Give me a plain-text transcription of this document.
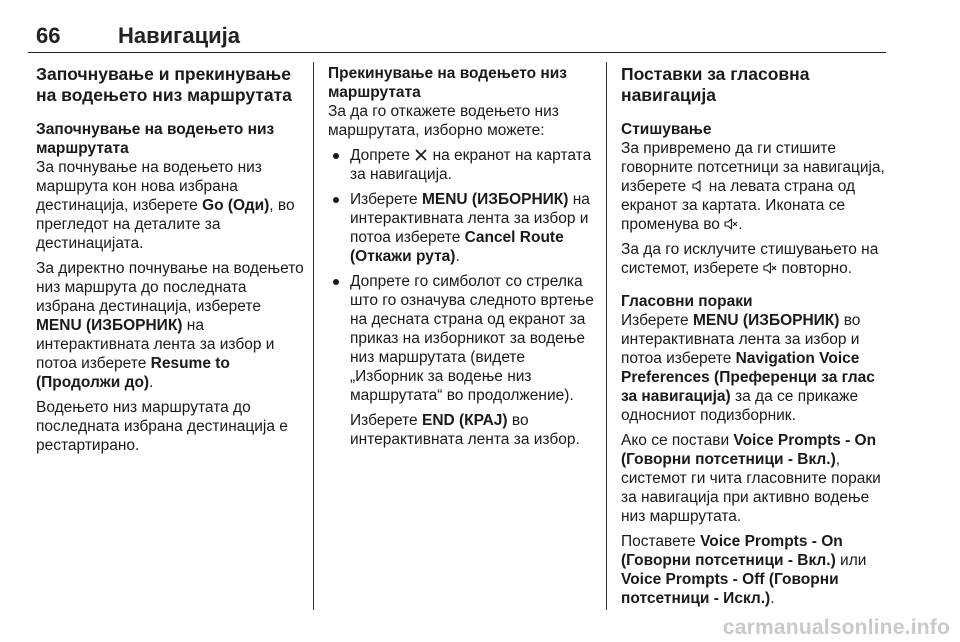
66	Навигација
Започнување и прекинување на водењето низ маршрутата
Започнување на водењето низ маршрутата

За почнување на водењето низ маршрута кон нова избрана дестинација, изберете Go (Оди), во прегледот на деталите за дестинацијата.

За директно почнување на водењето низ маршрута до последната избрана дестинација, изберете MENU (ИЗБОРНИК) на интерактивната лента за избор и потоа изберете Resume to (Продолжи до).

Водењето низ маршрутата до последната избрана дестинација е рестартирано.

Прекинување на водењето низ маршрутата

За да го откажете водењето низ маршрутата, изборно можете:

Допрете  на екранот на картата за навигација.
Изберете MENU (ИЗБОРНИК) на интерактивната лента за избор и потоа изберете Cancel Route (Откажи рута).

Допрете го симболот со стрелка што го означува следното вртење на десната страна од екранот за приказ на изборникот за водење низ маршрутата (видете „Изборник за водење низ маршрутата“ во продолжение).

Изберете END (КРАЈ) во интерактивната лента за избор.

Поставки за гласовна навигација
Стишување

За привремено да ги стишите говорните потсетници за навигација, изберете  на левата страна од екранот за картата. Иконата се променува во .

За да го исклучите стишувањето на системот, изберете  повторно.

Гласовни пораки

Изберете MENU (ИЗБОРНИК) во интерактивната лента за избор и потоа изберете Navigation Voice Preferences (Преференци за глас за навигација) за да се прикаже односниот подизборник.

Ако се постави Voice Prompts - On (Говорни потсетници - Вкл.), системот ги чита гласовните пораки за навигација при активно водење низ маршрутата.

Поставете Voice Prompts - On (Говорни потсетници - Вкл.) или Voice Prompts - Off (Говорни потсетници - Искл.).

carmanualsonline.info
